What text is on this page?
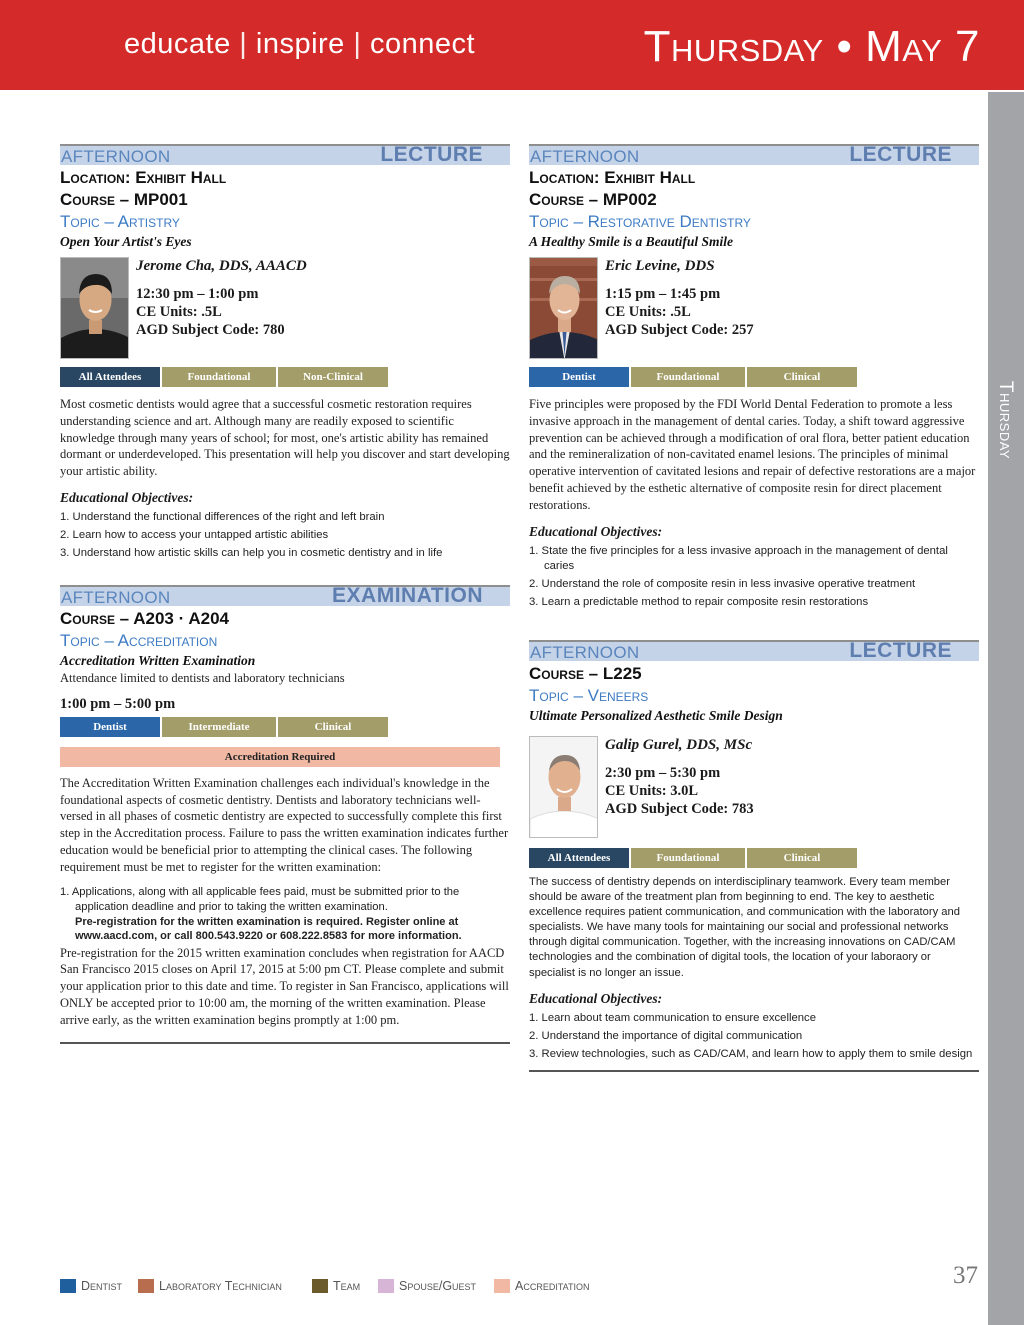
educate | inspire | connect	Thursday • May 7
Thursday
AFTERNOON	LECTURE
Location: Exhibit Hall
Course – MP001
Topic – Artistry
Open Your Artist's Eyes
Jerome Cha, DDS, AAACD
12:30 pm – 1:00 pm
CE Units: .5L
AGD Subject Code: 780
All Attendees	Foundational	Non-Clinical
Most cosmetic dentists would agree that a successful cosmetic restoration requires understanding science and art. Although many are readily exposed to scientific knowledge through many years of school; for most, one's artistic ability has remained dormant or underdeveloped. This presentation will help you discover and start developing your artistic ability.
Educational Objectives:
1. Understand the functional differences of the right and left brain
2. Learn how to access your untapped artistic abilities
3. Understand how artistic skills can help you in cosmetic dentistry and in life
AFTERNOON	EXAMINATION
Course – A203 · A204
Topic – Accreditation
Accreditation Written Examination
Attendance limited to dentists and laboratory technicians
1:00 pm – 5:00 pm
Dentist	Intermediate	Clinical
Accreditation Required
The Accreditation Written Examination challenges each individual's knowledge in the foundational aspects of cosmetic dentistry. Dentists and laboratory technicians well-versed in all phases of cosmetic dentistry are expected to successfully complete this first step in the Accreditation process. Failure to pass the written examination indicates further education would be beneficial prior to attempting the clinical cases. The following requirement must be met to register for the written examination:
1. Applications, along with all applicable fees paid, must be submitted prior to the application deadline and prior to taking the written examination.
Pre-registration for the written examination is required. Register online at www.aacd.com, or call 800.543.9220 or 608.222.8583 for more information.
Pre-registration for the 2015 written examination concludes when registration for AACD San Francisco 2015 closes on April 17, 2015 at 5:00 pm CT. Please complete and submit your application prior to this date and time. To register in San Francisco, applications will ONLY be accepted prior to 10:00 am, the morning of the written examination. Please arrive early, as the written examination begins promptly at 1:00 pm.
AFTERNOON	LECTURE
Location: Exhibit Hall
Course – MP002
Topic – Restorative Dentistry
A Healthy Smile is a Beautiful Smile
Eric Levine, DDS
1:15 pm – 1:45 pm
CE Units: .5L
AGD Subject Code: 257
Dentist	Foundational	Clinical
Five principles were proposed by the FDI World Dental Federation to promote a less invasive approach in the management of dental caries. Today, a shift toward aggressive prevention can be achieved through a modification of oral flora, better patient education and the remineralization of non-cavitated enamel lesions. The principles of minimal operative intervention of cavitated lesions and repair of defective restorations are a major benefit achieved by the esthetic alternative of composite resin for direct placement restorations.
Educational Objectives:
1. State the five principles for a less invasive approach in the management of dental caries
2. Understand the role of composite resin in less invasive operative treatment
3. Learn a predictable method to repair composite resin restorations
AFTERNOON	LECTURE
Course – L225
Topic – Veneers
Ultimate Personalized Aesthetic Smile Design
Galip Gurel, DDS, MSc
2:30 pm – 5:30 pm
CE Units: 3.0L
AGD Subject Code: 783
All Attendees	Foundational	Clinical
The success of dentistry depends on interdisciplinary teamwork. Every team member should be aware of the treatment plan from beginning to end. The key to aesthetic excellence requires patient communication, and communication with the laboratory and specialists. We have many tools for maintaining our social and professional networks through digital communication. Together, with the increasing innovations on CAD/CAM technologies and the combination of digital tools, the location of your laboraory or specialist is no longer an issue.
Educational Objectives:
1. Learn about team communication to ensure excellence
2. Understand the importance of digital communication
3. Review technologies, such as CAD/CAM, and learn how to apply them to smile design
Dentist	Laboratory Technician	Team	Spouse/Guest	Accreditation	37
